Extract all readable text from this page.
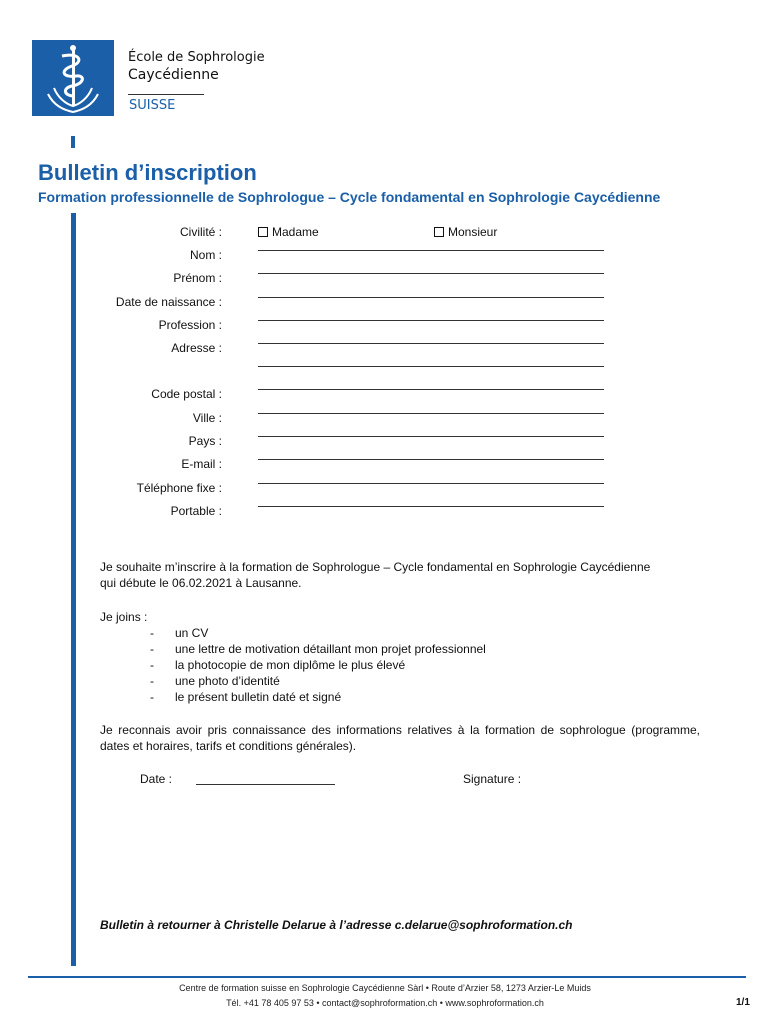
École de Sophrologie
Caycédienne
SUISSE
Bulletin d’inscription
Formation professionnelle de Sophrologue – Cycle fondamental en Sophrologie Caycédienne
Civilité :	Madame	Monsieur
Nom :
Prénom :
Date de naissance :
Profession :
Adresse :
Code postal :
Ville :
Pays :
E-mail :
Téléphone fixe :
Portable :
Je souhaite m’inscrire à la formation de Sophrologue – Cycle fondamental en Sophrologie Caycédienne
qui débute le 06.02.2021 à Lausanne.
Je joins :
- un CV
- une lettre de motivation détaillant mon projet professionnel
- la photocopie de mon diplôme le plus élevé
- une photo d’identité
- le présent bulletin daté et signé
Je reconnais avoir pris connaissance des informations relatives à la formation de sophrologue (programme, dates et horaires, tarifs et conditions générales).
Date :	Signature :
Bulletin à retourner à Christelle Delarue à l’adresse c.delarue@sophroformation.ch
Centre de formation suisse en Sophrologie Caycédienne Sàrl • Route d’Arzier 58, 1273 Arzier-Le Muids
Tél. +41 78 405 97 53 • contact@sophroformation.ch • www.sophroformation.ch	1/1
